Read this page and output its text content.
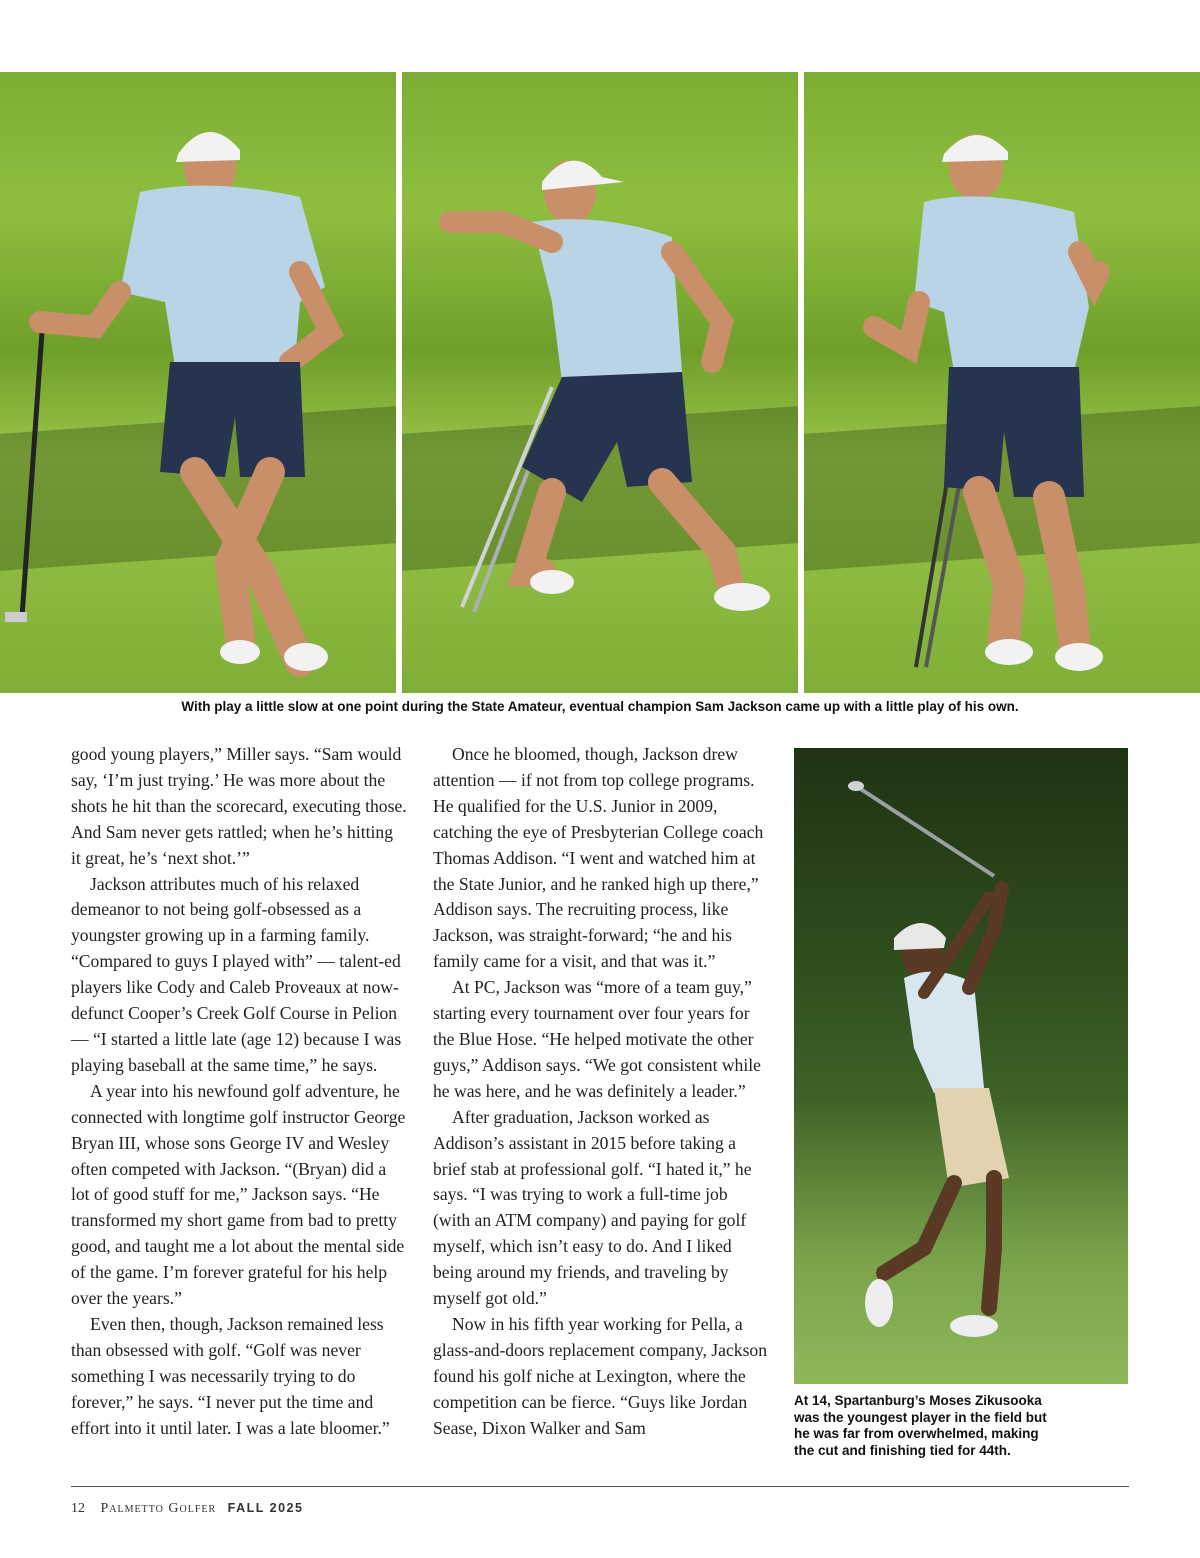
With play a little slow at one point during the State Amateur, eventual champion Sam Jackson came up with a little play of his own.

good young players,” Miller says. “Sam would say, ‘I’m just trying.’ He was more about the shots he hit than the scorecard, executing those. And Sam never gets rattled; when he’s hitting it great, he’s ‘next shot.’”

Jackson attributes much of his relaxed demeanor to not being golf-obsessed as a youngster growing up in a farming family. “Compared to guys I played with” — talent-ed players like Cody and Caleb Proveaux at now-defunct Cooper’s Creek Golf Course in Pelion — “I started a little late (age 12) because I was playing baseball at the same time,” he says.

A year into his newfound golf adventure, he connected with longtime golf instructor George Bryan III, whose sons George IV and Wesley often competed with Jackson. “(Bryan) did a lot of good stuff for me,” Jackson says. “He transformed my short game from bad to pretty good, and taught me a lot about the mental side of the game. I’m forever grateful for his help over the years.”

Even then, though, Jackson remained less than obsessed with golf. “Golf was never something I was necessarily trying to do forever,” he says. “I never put the time and effort into it until later. I was a late bloomer.”

Once he bloomed, though, Jackson drew attention — if not from top college programs. He qualified for the U.S. Junior in 2009, catching the eye of Presbyterian College coach Thomas Addison. “I went and watched him at the State Junior, and he ranked high up there,” Addison says. The recruiting process, like Jackson, was straight-forward; “he and his family came for a visit, and that was it.”

At PC, Jackson was “more of a team guy,” starting every tournament over four years for the Blue Hose. “He helped motivate the other guys,” Addison says. “We got consistent while he was here, and he was definitely a leader.”

After graduation, Jackson worked as Addison’s assistant in 2015 before taking a brief stab at professional golf. “I hated it,” he says. “I was trying to work a full-time job (with an ATM company) and paying for golf myself, which isn’t easy to do. And I liked being around my friends, and traveling by myself got old.”

Now in his fifth year working for Pella, a glass-and-doors replacement company, Jackson found his golf niche at Lexington, where the competition can be fierce. “Guys like Jordan Sease, Dixon Walker and Sam

At 14, Spartanburg’s Moses Zikusooka
was the youngest player in the field but
he was far from overwhelmed, making
the cut and finishing tied for 44th.
12 Palmetto Golfer FALL 2025
